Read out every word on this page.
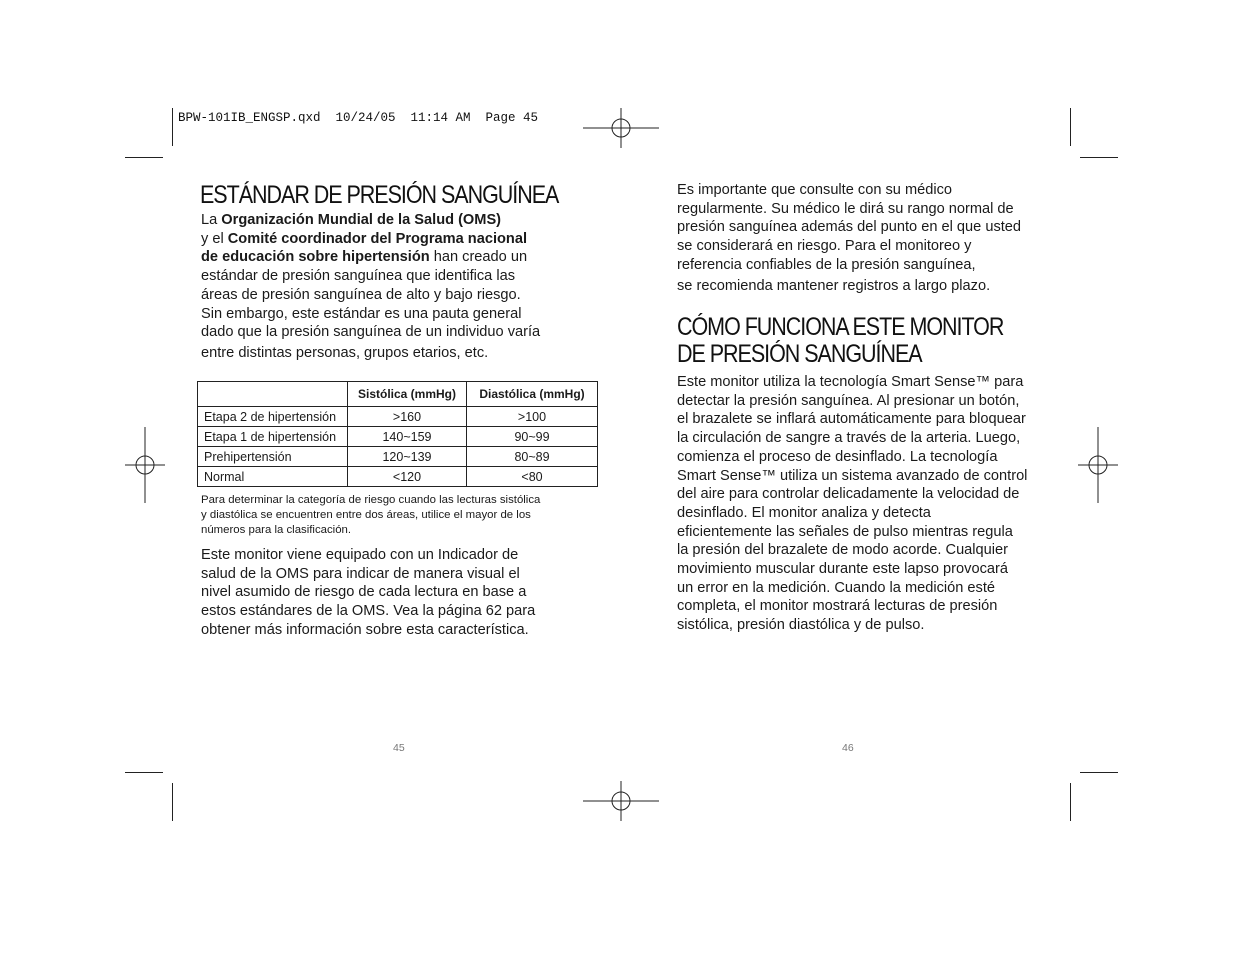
BPW-101IB_ENGSP.qxd  10/24/05  11:14 AM  Page 45
ESTÁNDAR DE PRESIÓN SANGUÍNEA

La Organización Mundial de la Salud (OMS)

y el Comité coordinador del Programa nacional

de educación sobre hipertensión han creado un

estándar de presión sanguínea que identifica las

áreas de presión sanguínea de alto y bajo riesgo.

Sin embargo, este estándar es una pauta general

dado que la presión sanguínea de un individuo varía

entre distintas personas, grupos etarios, etc.

	Sistólica (mmHg)	Diastólica (mmHg)
Etapa 2 de hipertensión	>160	>100
Etapa 1 de hipertensión	140~159	90~99
Prehipertensión	120~139	80~89
Normal	<120	<80
Para determinar la categoría de riesgo cuando las lecturas sistólica
y diastólica se encuentren entre dos áreas, utilice el mayor de los
números para la clasificación.

Este monitor viene equipado con un Indicador de

salud de la OMS para indicar de manera visual el

nivel asumido de riesgo de cada lectura en base a

estos estándares de la OMS. Vea la página 62 para

obtener más información sobre esta característica.

45

Es importante que consulte con su médico

regularmente. Su médico le dirá su rango normal de

presión sanguínea además del punto en el que usted

se considerará en riesgo. Para el monitoreo y

referencia confiables de la presión sanguínea,

se recomienda mantener registros a largo plazo.

CÓMO FUNCIONA ESTE MONITOR
DE PRESIÓN SANGUÍNEA

Este monitor utiliza la tecnología Smart Sense™ para

detectar la presión sanguínea. Al presionar un botón,

el brazalete se inflará automáticamente para bloquear

la circulación de sangre a través de la arteria. Luego,

comienza el proceso de desinflado. La tecnología

Smart Sense™ utiliza un sistema avanzado de control

del aire para controlar delicadamente la velocidad de

desinflado. El monitor analiza y detecta

eficientemente las señales de pulso mientras regula

la presión del brazalete de modo acorde. Cualquier

movimiento muscular durante este lapso provocará

un error en la medición. Cuando la medición esté

completa, el monitor mostrará lecturas de presión

sistólica, presión diastólica y de pulso.

46
